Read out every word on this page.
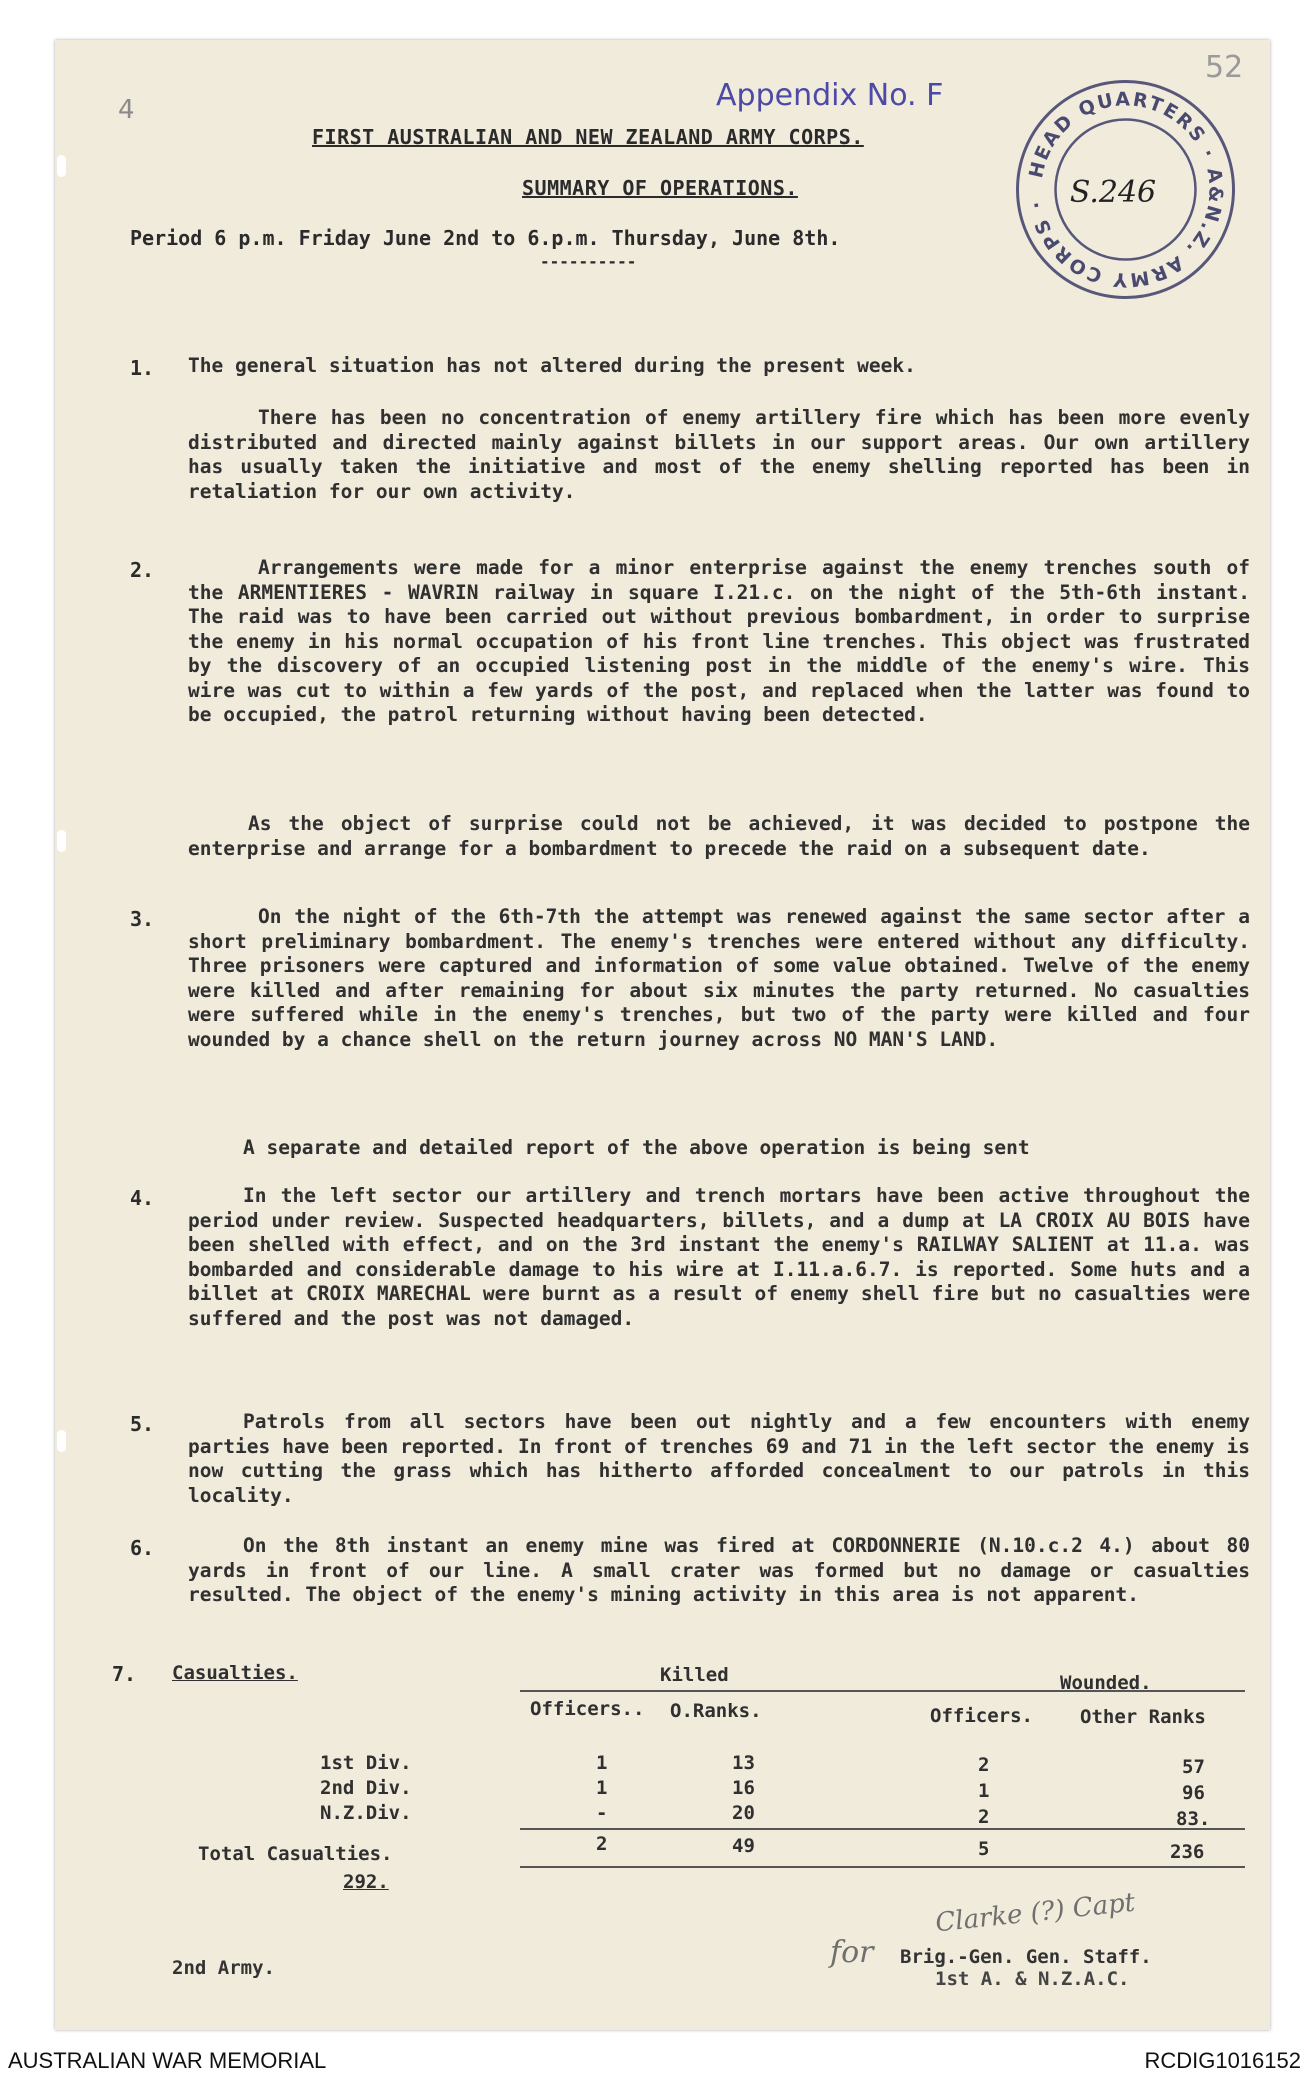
4
52
Appendix No. F
HEAD QUARTERS · A&N.Z. ARMY CORPS · S.246
FIRST AUSTRALIAN AND NEW ZEALAND ARMY CORPS.
SUMMARY OF OPERATIONS.
Period 6 p.m. Friday June 2nd to 6.p.m. Thursday, June 8th.
----------
1. The general situation has not altered during the present week.

There has been no concentration of enemy artillery fire which has been more evenly distributed and directed mainly against billets in our support areas. Our own artillery has usually taken the initiative and most of the enemy shelling reported has been in retaliation for our own activity.

2.	Arrangements were made for a minor enterprise against the enemy trenches south of the ARMENTIERES - WAVRIN railway in square I.21.c. on the night of the 5th-6th instant. The raid was to have been carried out without previous bombardment, in order to surprise the enemy in his normal occupation of his front line trenches. This object was frustrated by the discovery of an occupied listening post in the middle of the enemy's wire. This wire was cut to within a few yards of the post, and replaced when the latter was found to be occupied, the patrol returning without having been detected.

As the object of surprise could not be achieved, it was decided to postpone the enterprise and arrange for a bombardment to precede the raid on a subsequent date.

3.	On the night of the 6th-7th the attempt was renewed against the same sector after a short preliminary bombardment. The enemy's trenches were entered without any difficulty. Three prisoners were captured and information of some value obtained. Twelve of the enemy were killed and after remaining for about six minutes the party returned. No casualties were suffered while in the enemy's trenches, but two of the party were killed and four wounded by a chance shell on the return journey across NO MAN'S LAND.

A separate and detailed report of the above operation is being sent

4.	In the left sector our artillery and trench mortars have been active throughout the period under review. Suspected headquarters, billets, and a dump at LA CROIX AU BOIS have been shelled with effect, and on the 3rd instant the enemy's RAILWAY SALIENT at 11.a. was bombarded and considerable damage to his wire at I.11.a.6.7. is reported. Some huts and a billet at CROIX MARECHAL were burnt as a result of enemy shell fire but no casualties were suffered and the post was not damaged.

5.	Patrols from all sectors have been out nightly and a few encounters with enemy parties have been reported. In front of trenches 69 and 71 in the left sector the enemy is now cutting the grass which has hitherto afforded concealment to our patrols in this locality.

6.	On the 8th instant an enemy mine was fired at CORDONNERIE (N.10.c.2 4.) about 80 yards in front of our line. A small crater was formed but no damage or casualties resulted. The object of the enemy's mining activity in this area is not apparent.

7. Casualties.	Killed	Wounded.
Officers.. O.Ranks.	Officers. Other Ranks
1st Div.	1	13	2	57
2nd Div.	1	16	1	96
N.Z.Div.	-	20	2	83.
Total Casualties.	2	49	5	236
292.
for
Clarke (?) Capt
Brig.-Gen. Gen. Staff.
1st A. & N.Z.A.C.
2nd Army.
AUSTRALIAN WAR MEMORIAL	RCDIG1016152
